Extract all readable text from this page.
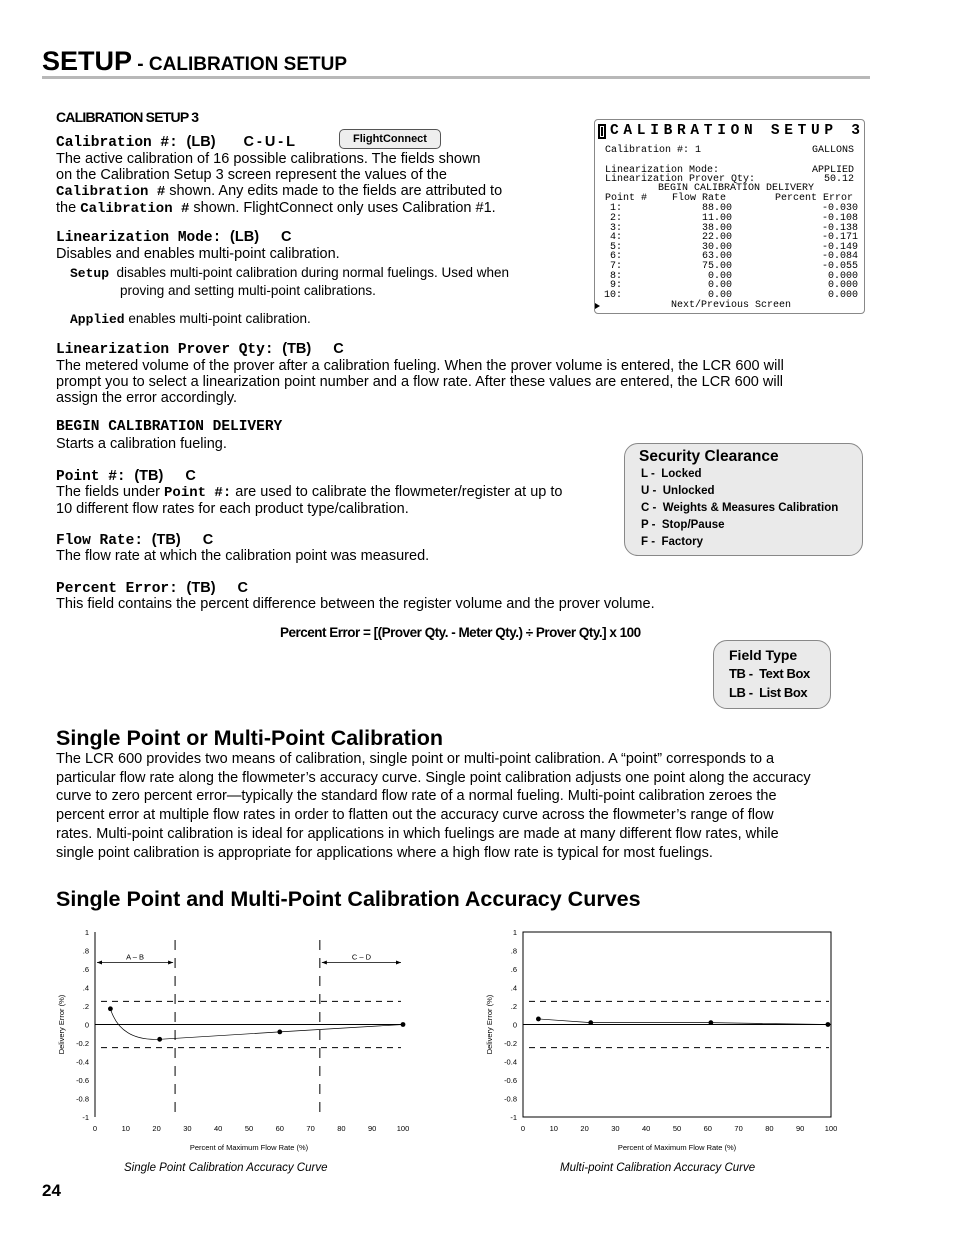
SETUP - CALIBRATION SETUP
CALIBRATION SETUP 3
Calibration #: (LB) C-U-L	FlightConnect
The active calibration of 16 possible calibrations. The fields shown
on the Calibration Setup 3 screen represent the values of the
Calibration # shown. Any edits made to the fields are attributed to
the Calibration # shown. FlightConnect only uses Calibration #1.
Linearization Mode: (LB) C
Disables and enables multi-point calibration.
Setup disables multi-point calibration during normal fuelings. Used when
proving and setting multi-point calibrations.
Applied enables multi-point calibration.
Linearization Prover Qty: (TB) C
The metered volume of the prover after a calibration fueling. When the prover volume is entered, the LCR 600 will
prompt you to select a linearization point number and a flow rate. After these values are entered, the LCR 600 will
assign the error accordingly.
BEGIN CALIBRATION DELIVERY
Starts a calibration fueling.
Point #: (TB) C
The fields under Point #: are used to calibrate the flowmeter/register at up to
10 different flow rates for each product type/calibration.
Flow Rate: (TB) C
The flow rate at which the calibration point was measured.
Percent Error: (TB) C
This field contains the percent difference between the register volume and the prover volume.
Percent Error = [(Prover Qty. - Meter Qty.) ÷ Prover Qty.] x 100
CALIBRATION SETUP 3
Calibration #: 1	GALLONS
Linearization Mode:	APPLIED
Linearization Prover Qty:	50.12
BEGIN CALIBRATION DELIVERY
Point # Flow Rate	Percent Error
1:	88.00	-0.030
2:	11.00	-0.108
3:	38.00	-0.138
4:	22.00	-0.171
5:	30.00	-0.149
6:	63.00	-0.084
7:	75.00	-0.055
8:	0.00	0.000
9:	0.00	0.000
10:	0.00	0.000
Next/Previous Screen
Security Clearance
L -  Locked
U -  Unlocked
C -  Weights & Measures Calibration
P -  Stop/Pause
F -  Factory
Field Type
TB -  Text Box
LB -  List Box
Single Point or Multi-Point Calibration
The LCR 600 provides two means of calibration, single point or multi-point calibration. A “point” corresponds to a
particular flow rate along the flowmeter’s accuracy curve. Single point calibration adjusts one point along the accuracy
curve to zero percent error—typically the standard flow rate of a normal fueling. Multi-point calibration zeroes the
percent error at multiple flow rates in order to flatten out the accuracy curve across the flowmeter’s range of flow
rates. Multi-point calibration is ideal for applications in which fuelings are made at many different flow rates, while
single point calibration is appropriate for applications where a high flow rate is typical for most fuelings.
Single Point and Multi-Point Calibration Accuracy Curves
1
.8
.6
.4
.2
0
-0.2
-0.4
-0.6
-0.8
-1
0	10	20	30	40	50	60	70	80	90	100
A – B	C – D
Percent of Maximum Flow Rate (%)
Delivery Error (%)
1
.8
.6
.4
.2
0
-0.2
-0.4
-0.6
-0.8
-1
0	10	20	30	40	50	60	70	80	90	100
Percent of Maximum Flow Rate (%)
Delivery Error (%)
Single Point Calibration Accuracy Curve	Multi-point Calibration Accuracy Curve
24
